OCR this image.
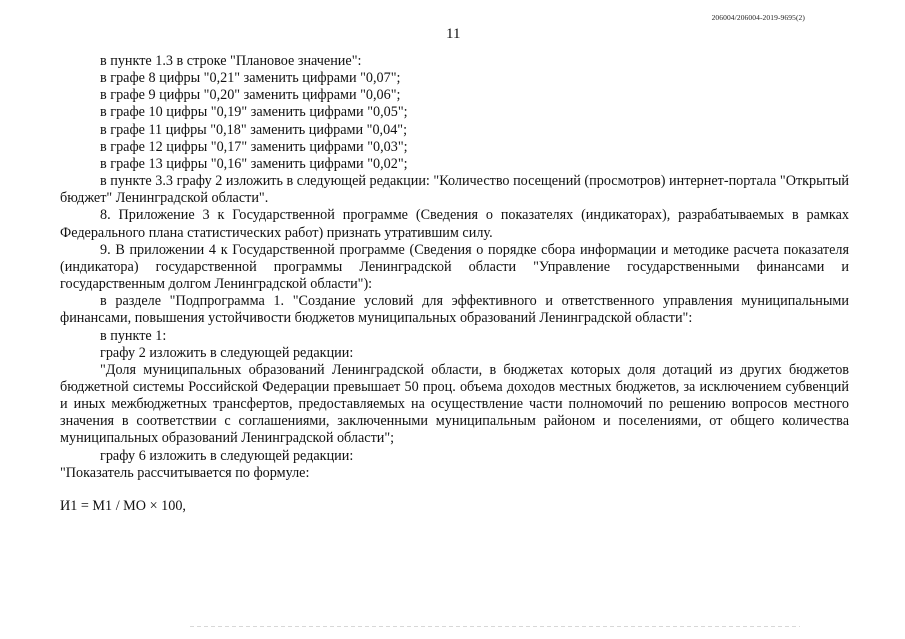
206004/206004-2019-9695(2)
11

в пункте 1.3 в строке "Плановое значение":

в графе 8 цифры "0,21" заменить цифрами "0,07";

в графе 9 цифры "0,20" заменить цифрами "0,06";

в графе 10 цифры "0,19" заменить цифрами "0,05";

в графе 11 цифры "0,18" заменить цифрами "0,04";

в графе 12 цифры "0,17" заменить цифрами "0,03";

в графе 13 цифры "0,16" заменить цифрами "0,02";

в пункте 3.3 графу 2 изложить в следующей редакции: "Количество посещений (просмотров) интернет-портала "Открытый бюджет" Ленинградской области".

8. Приложение 3 к Государственной программе (Сведения о показателях (индикаторах), разрабатываемых в рамках Федерального плана статистических работ) признать утратившим силу.

9. В приложении 4 к Государственной программе (Сведения о порядке сбора информации и методике расчета показателя (индикатора) государственной программы Ленинградской области "Управление государственными финансами и государственным долгом Ленинградской области"):

в разделе "Подпрограмма 1. "Создание условий для эффективного и ответственного управления муниципальными финансами, повышения устойчивости бюджетов муниципальных образований Ленинградской области":

в пункте 1:

графу 2 изложить в следующей редакции:

"Доля муниципальных образований Ленинградской области, в бюджетах которых доля дотаций из других бюджетов бюджетной системы Российской Федерации превышает 50 проц. объема доходов местных бюджетов, за исключением субвенций и иных межбюджетных трансфертов, предоставляемых на осуществление части полномочий по решению вопросов местного значения в соответствии с соглашениями, заключенными муниципальным районом и поселениями, от общего количества муниципальных образований Ленинградской области";

графу 6 изложить в следующей редакции:

"Показатель рассчитывается по формуле:

И1 = М1 / МО × 100,
